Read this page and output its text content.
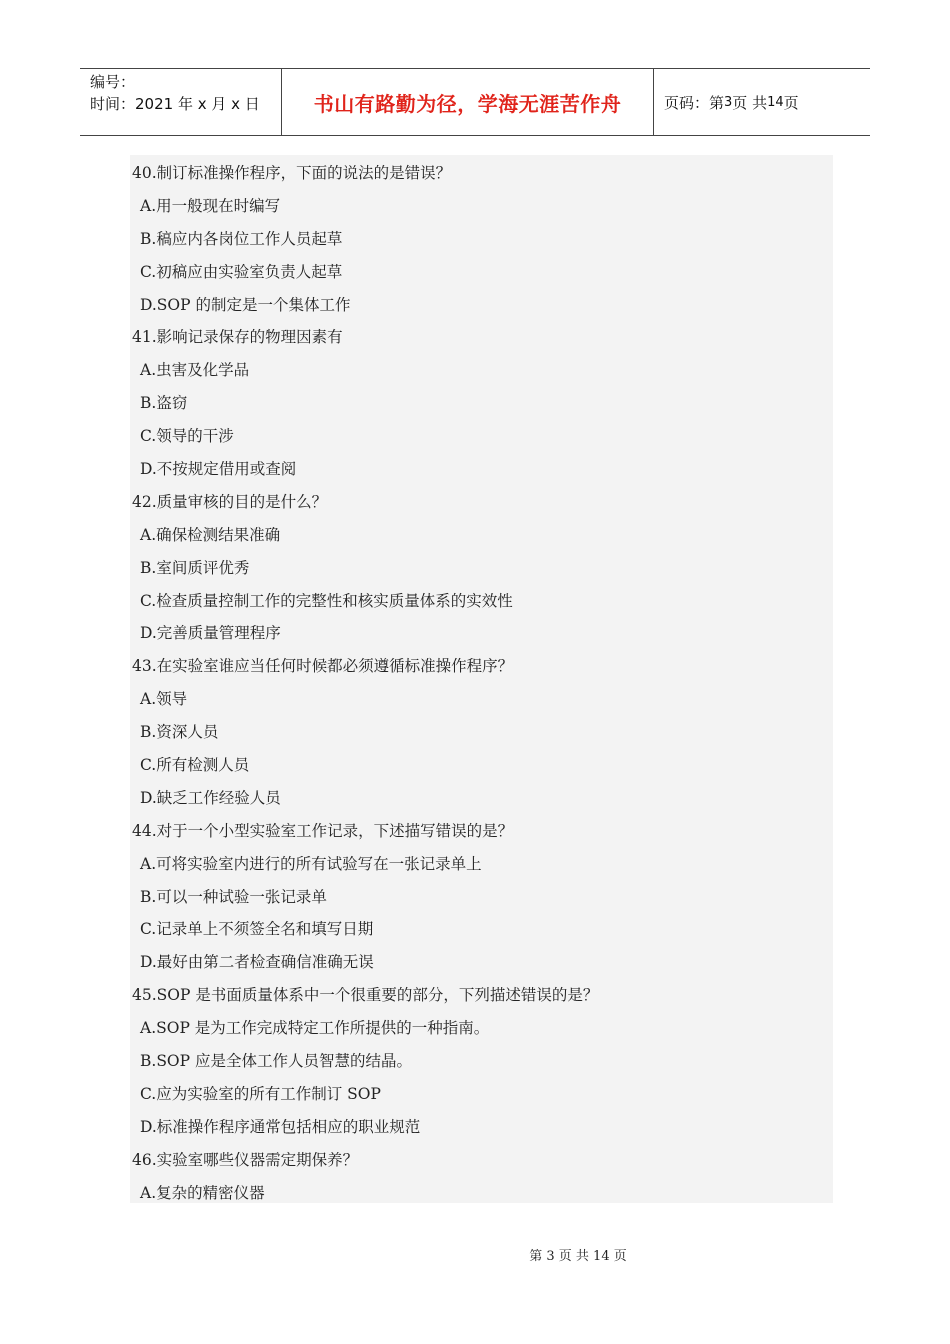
编号：
时间：2021 年 x 月 x 日	书山有路勤为径，学海无涯苦作舟	页码：第 3 页 共 14 页
40.制订标准操作程序，下面的说法的是错误？
A.用一般现在时编写
B.稿应内各岗位工作人员起草
C.初稿应由实验室负责人起草
D.SOP 的制定是一个集体工作
41.影响记录保存的物理因素有
A.虫害及化学品
B.盗窃
C.领导的干涉
D.不按规定借用或查阅
42.质量审核的目的是什么？
A.确保检测结果准确
B.室间质评优秀
C.检查质量控制工作的完整性和核实质量体系的实效性
D.完善质量管理程序
43.在实验室谁应当任何时候都必须遵循标准操作程序？
A.领导
B.资深人员
C.所有检测人员
D.缺乏工作经验人员
44.对于一个小型实验室工作记录，下述描写错误的是？
A.可将实验室内进行的所有试验写在一张记录单上
B.可以一种试验一张记录单
C.记录单上不须签全名和填写日期
D.最好由第二者检查确信准确无误
45.SOP 是书面质量体系中一个很重要的部分，下列描述错误的是？
A.SOP 是为工作完成特定工作所提供的一种指南。
B.SOP 应是全体工作人员智慧的结晶。
C.应为实验室的所有工作制订 SOP
D.标准操作程序通常包括相应的职业规范
46.实验室哪些仪器需定期保养？
A.复杂的精密仪器
第 3 页 共 14 页
